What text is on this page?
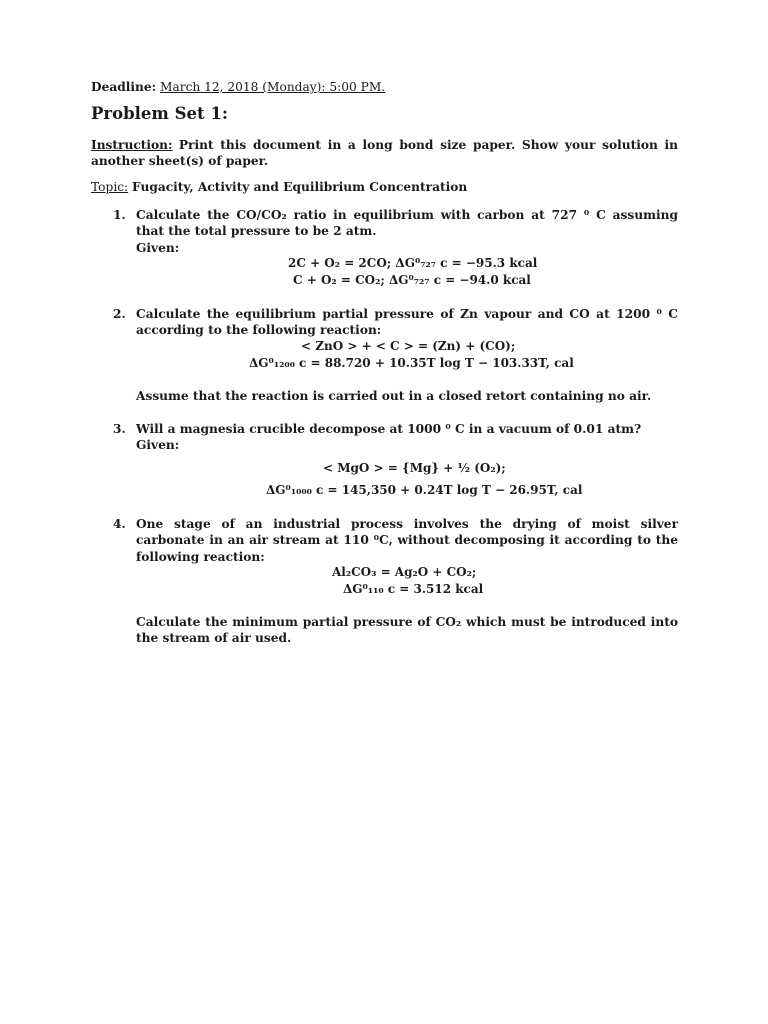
Deadline: March 12, 2018 (Monday): 5:00 PM.
Problem Set 1:
Instruction: Print this document in a long bond size paper. Show your solution in another sheet(s) of paper.
Topic: Fugacity, Activity and Equilibrium Concentration
1. Calculate the CO/CO₂ ratio in equilibrium with carbon at 727 ⁰ C assuming that the total pressure to be 2 atm.
Given:
2C + O₂ = 2CO; ΔG⁰₇₂₇ ᴄ = −95.3 kcal
C + O₂ = CO₂; ΔG⁰₇₂₇ ᴄ = −94.0 kcal
2. Calculate the equilibrium partial pressure of Zn vapour and CO at 1200 ⁰ C according to the following reaction:
< ZnO > + < C > = (Zn) + (CO);
ΔG⁰₁₂₀₀ ᴄ = 88.720 + 10.35T log T − 103.33T, cal
Assume that the reaction is carried out in a closed retort containing no air.
3. Will a magnesia crucible decompose at 1000 ⁰ C in a vacuum of 0.01 atm?
Given:
< MgO > = {Mg} + ½ (O₂);
ΔG⁰₁₀₀₀ ᴄ = 145,350 + 0.24T log T − 26.95T, cal
4. One stage of an industrial process involves the drying of moist silver carbonate in an air stream at 110 ⁰C, without decomposing it according to the following reaction:
Al₂CO₃ = Ag₂O + CO₂;
ΔG⁰₁₁₀ ᴄ = 3.512 kcal
Calculate the minimum partial pressure of CO₂ which must be introduced into the stream of air used.
